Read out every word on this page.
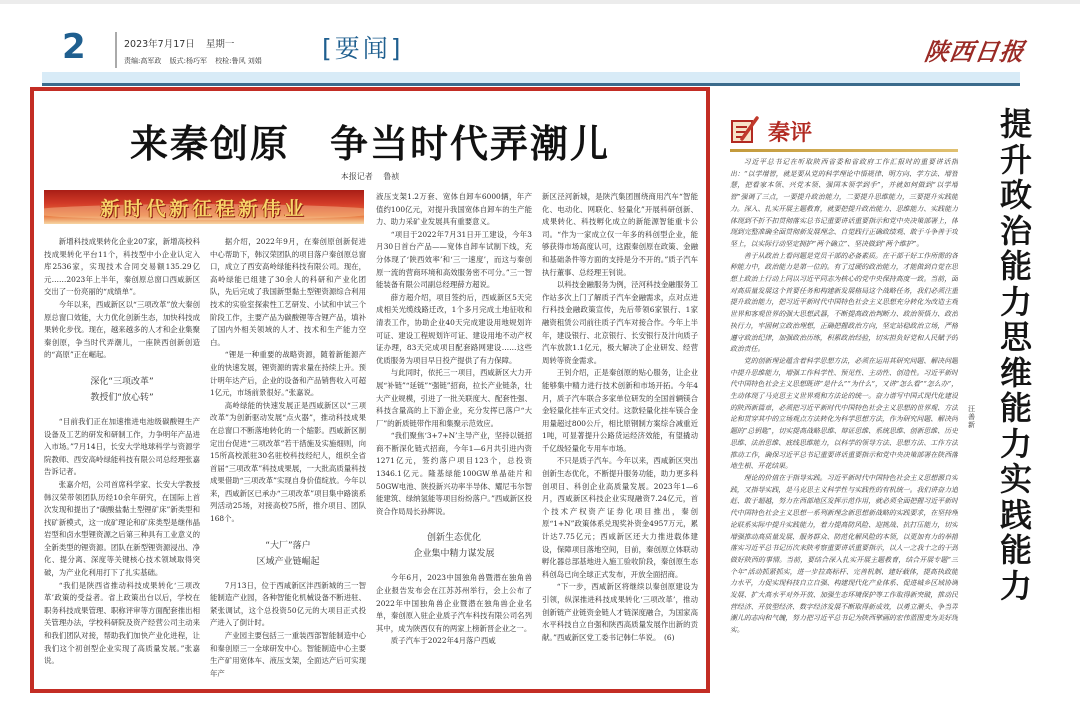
2	2023年7月17日 星期一
责编:高军政 版式:杨巧军 校检:鲁风 刘娟 [要闻]	陕西日报
来秦创原　争当时代弄潮儿
本报记者 鲁祯
新时代新征程新伟业

新增科技成果转化企业207家，新增高校科技成果转化平台11个，科技型中小企业认定入库2536家，实现技术合同交易额135.29亿元……2023年上半年，秦创原总窗口西咸新区交出了一份亮丽的“成绩单”。

今年以来，西咸新区以“三项改革”放大秦创原总窗口效能，大力优化创新生态，加快科技成果转化步伐。现在，越来越多的人才和企业集聚秦创原，争当时代弄潮儿，一座陕西创新创造的“高原”正在崛起。

深化“三项改革”
教授们“放心转”

“目前我们正在加速推进电池级碳酸锂生产设备及工艺的研发和研制工作，力争明年产品进入市场。”7月14日，长安大学地球科学与资源学院教师、西安高岭绿能科技有限公司总经理张嘉告诉记者。

张嘉介绍，公司首席科学家、长安大学教授韩汉荣带领团队历经10余年研究，在国际上首次发现和提出了“碳酸盐黏土型锂矿床”新类型和找矿新模式，这一成矿理论和矿床类型是继伟晶岩型和卤水型锂资源之后第三种具有工业意义的全新类型的锂资源。团队在新型锂资源浸出、净化、提分离、深度等关键核心技术领域取得突破，为产业化利用打下了扎实基础。

“我们是陕西省推动科技成果转化‘三项改革’政策的受益者。省上政策出台以后，学校在职务科技成果管理、职称评审等方面配套推出相关管理办法，学校科研院及资产经营公司主动来和我们团队对接，帮助我们加快产业化进程，让我们这个初创型企业实现了高质量发展。”张嘉说。

据介绍，2022年9月，在秦创原创新促进中心帮助下，韩汉荣团队的项目落户秦创原总窗口，成立了西安高岭绿能科技有限公司。现在，高岭绿能已组建了30余人的科研和产业化团队，先后完成了我国新型黏土型锂资源综合利用技术的实验室探索性工艺研发、小试和中试三个阶段工作，主要产品为碳酸锂等含锂产品，填补了国内外相关领域的人才、技术和生产能力空白。

“锂是一种重要的战略资源，随着新能源产业的快速发展，锂资源的需求量在持续上升。预计明年达产后，企业的设备和产品销售收入可超1亿元，市场前景很好。”张嘉说。

高岭绿能的快速发展正是西咸新区以“三项改革”为创新驱动发展“点火器”，推动科技成果在总窗口不断落地转化的一个缩影。西咸新区制定出台促进“三项改革”若干措施及实施细则，向15所高校派驻30名驻校科技经纪人，组织全省首届“三项改革”科技成果展，一大批高质量科技成果借助“三项改革”实现自身价值绽放。今年以来，西咸新区已承办“三项改革”项目集中路演系列活动25场，对接高校75所，推介项目、团队168个。

“大厂”落户
区域产业链崛起

7月13日，位于西咸新区沣西新城的三一智能制造产业园，各种智能化机械设备不断进驻、紧张调试，这个总投资50亿元的大项目正式投产进入了倒计时。

产业园主要包括三一重装西部智能制造中心和秦创原三一全球研发中心。智能制造中心主要生产矿用宽体车、液压支架，全面达产后可实现年产

液压支架1.2万套、宽体自卸车6000辆，年产值约100亿元，对提升我国宽体自卸车的生产能力、助力采矿业发展具有重要意义。

“项目于2022年7月31日开工建设，今年3月30日首台产品——宽体自卸车试制下线，充分体现了‘陕西效率’和‘三一速度’，而这与秦创原一流的营商环境和高效服务密不可分。”三一智能装备有限公司副总经理薛方超说。

薛方超介绍，项目签约后，西咸新区5天完成相关光缆线路迁改，1个多月完成土地征收和清表工作，协助企业40天完成建设用地规划许可证、建设工程规划许可证、建设用地不动产权证办理，83天完成项目配套路网建设……这些优质服务为项目早日投产提供了有力保障。

与此同时，依托三一项目，西咸新区大力开展“补链”“延链”“强链”招商，拉长产业链条，壮大产业规模，引进了一批关联度大、配套性强、科技含量高的上下游企业，充分发挥已落户“大厂”的新质链带作用和集聚示范效应。

“我们聚焦‘3+7+N’主导产业，坚持以链招商不断深化链式招商，今年1—6月共引进内资1271亿元，签约落户项目123个，总投资1346.1亿元。隆基绿能100GW单晶硅片和50GW电池、陕投新兴功率半导体、耀尼韦尔智能建筑、绿纳氢能等项目纷纷落户。”西咸新区投资合作局局长孙辉说。

创新生态优化
企业集中精力谋发展

今年6月，2023中国独角兽暨潜在独角兽企业报告发布会在江苏苏州举行，会上公布了2022年中国独角兽企业暨潜在独角兽企业名单，秦创原入驻企业质子汽车科技有限公司名列其中，成为陕西仅有的两家上榜新晋企业之一。

质子汽车于2022年4月落户西咸

新区泾河新城，是陕汽集团围绕商用汽车“智能化、电动化、网联化、轻量化”开展科研创新、成果转化、科技孵化成立的新能源智能重卡公司。“作为一家成立仅一年多的科创型企业，能够获得市场高度认可，这跟秦创原在政策、金融和基础条件等方面的支持是分不开的。”质子汽车执行董事、总经理王钊说。

以科技金融服务为例，泾河科技金融服务工作站多次上门了解质子汽车金融需求，点对点进行科技金融政策宣传，先后带领6家银行、1家融资租赁公司前往质子汽车对接合作。今年上半年，建设银行、北京银行、长安银行及汁向质子汽车放款1.1亿元，极大解决了企业研发、经营周转等资金需求。

王钊介绍，正是秦创原的贴心服务，让企业能够集中精力进行技术创新和市场开拓。今年4月，质子汽车联合多家单位研发的全国首辆镁合金轻量化挂车正式交付。这款轻量化挂车镁合金用量超过800公斤，相比原钢制方案综合减重近1吨，可显著提升公路货运经济效能，有望撬动千亿级轻量化专用车市场。

不只是质子汽车。今年以来，西咸新区突出创新生态优化，不断提升服务功能，助力更多科创项目、科创企业高质量发展。2023年1—6月，西咸新区科技企业实现融资7.24亿元，首个技术产权资产证券化项目推出，秦创原“1+N”政策体系兑现奖补资金4957万元，累计达7.75亿元；西咸新区还大力推进载体建设，保障项目落地空间，目前，秦创原立体联动孵化器总部基地进入施工验收阶段，秦创原生态科创岛已向全球正式发布，开放全面招商。

“下一步，西咸新区将继续以秦创原建设为引领，纵深推进科技成果转化‘三项改革’，推动创新链产业链资金链人才链深度融合，为国家高水平科技自立自强和陕西高质量发展作出新的贡献。”西咸新区党工委书记韩仁华说。　(6)

秦评

习近平总书记在听取陕西省委和省政府工作汇报时的重要讲话指出：“以学增智，就是要从党的科学理论中悟规律、明方向、学方法、增智慧，把看家本领、兴党本领、强国本领学到手”，并就如何做到“以学增智”强调了三点，一要提升政治能力，二要提升思维能力，三要提升实践能力。深入、扎实开展主题教育，就要把提升政治能力、思维能力、实践能力体现到不折不扣贯彻落实总书记重要讲话重要指示和党中央决策部署上，体现到完整准确全面贯彻新发展理念、自觉践行正确政绩观、敢于斗争善于攻坚上，以实际行动坚定拥护“两个确立”、坚决做到“两个维护”。

善于从政治上看问题是党员干部的必备素质。在干部干好工作所需的各种能力中，政治能力是第一位的。有了过硬的政治能力，才能做到自觉在思想上政治上行动上同以习近平同志为核心的党中央保持高度一致。当前，面对高质量发展这个首要任务和构建新发展格局这个战略任务，我们必须注重提升政治能力，把习近平新时代中国特色社会主义思想充分转化为改造主观世界和客观世界的强大思想武器，不断提高政治判断力、政治领悟力、政治执行力，牢固树立政治理想，正确把握政治方向，坚定站稳政治立场，严格遵守政治纪律，加强政治历练，积累政治经验，切实担负好党和人民赋予的政治责任。

党的创新理论蕴含着科学思想方法，必须在运用其研究问题、解决问题中提升思维能力，增强工作科学性、预见性、主动性、创造性。习近平新时代中国特色社会主义思想既讲“是什么”“为什么”，又讲“怎么看”“怎么办”，生动体现了马克思主义世界观和方法论的统一。奋力谱写中国式现代化建设的陕西新篇章，必须把习近平新时代中国特色社会主义思想的世界观、方法论和贯穿其中的立场观点方法转化为科学思想方法，作为研究问题、解决问题的“总钥匙”，切实提高战略思维、辩证思维、系统思维、创新思维、历史思维、法治思维、底线思维能力，以科学的领导方法、思想方法、工作方法推动工作，确保习近平总书记重要讲话重要指示和党中央决策部署在陕西落地生根、开花结果。

理论的价值在于指导实践。习近平新时代中国特色社会主义思想源自实践，又指导实践，是马克思主义科学性与实践性的有机统一。我们讲奋力追赶、敢于超越，努力在西部地区发挥示范作用，就必须全面把握习近平新时代中国特色社会主义思想一系列新理念新思想新战略的实践要求，在坚持理论联系实际中提升实践能力，着力提高防风险、迎挑战、抗打压能力，切实增强推动高质量发展、服务群众、防范化解风险的本领，以更加有力的举措落实习近平总书记历次来陕考察重要讲话重要指示，以人一之我十之的干劲做好陕西的事情。当前，要结合深入扎实开展主题教育，结合开展专题“三个年”活动抓紧抓实，进一步拉高标杆、完善机制、建好载体，提高执政能力水平，力促实现科技自立自强、构建现代化产业体系、促进城乡区域协调发展、扩大高水平对外开放、加强生态环境保护等工作取得新突破，推动民营经济、开放型经济、数字经济发展不断取得新成效，以勇立潮头、争当弄潮儿的志向和气魄，努力把习近平总书记为陕西擘画的宏伟蓝图变为美好现实。

提升政治能力思维能力实践能力
汪善新
